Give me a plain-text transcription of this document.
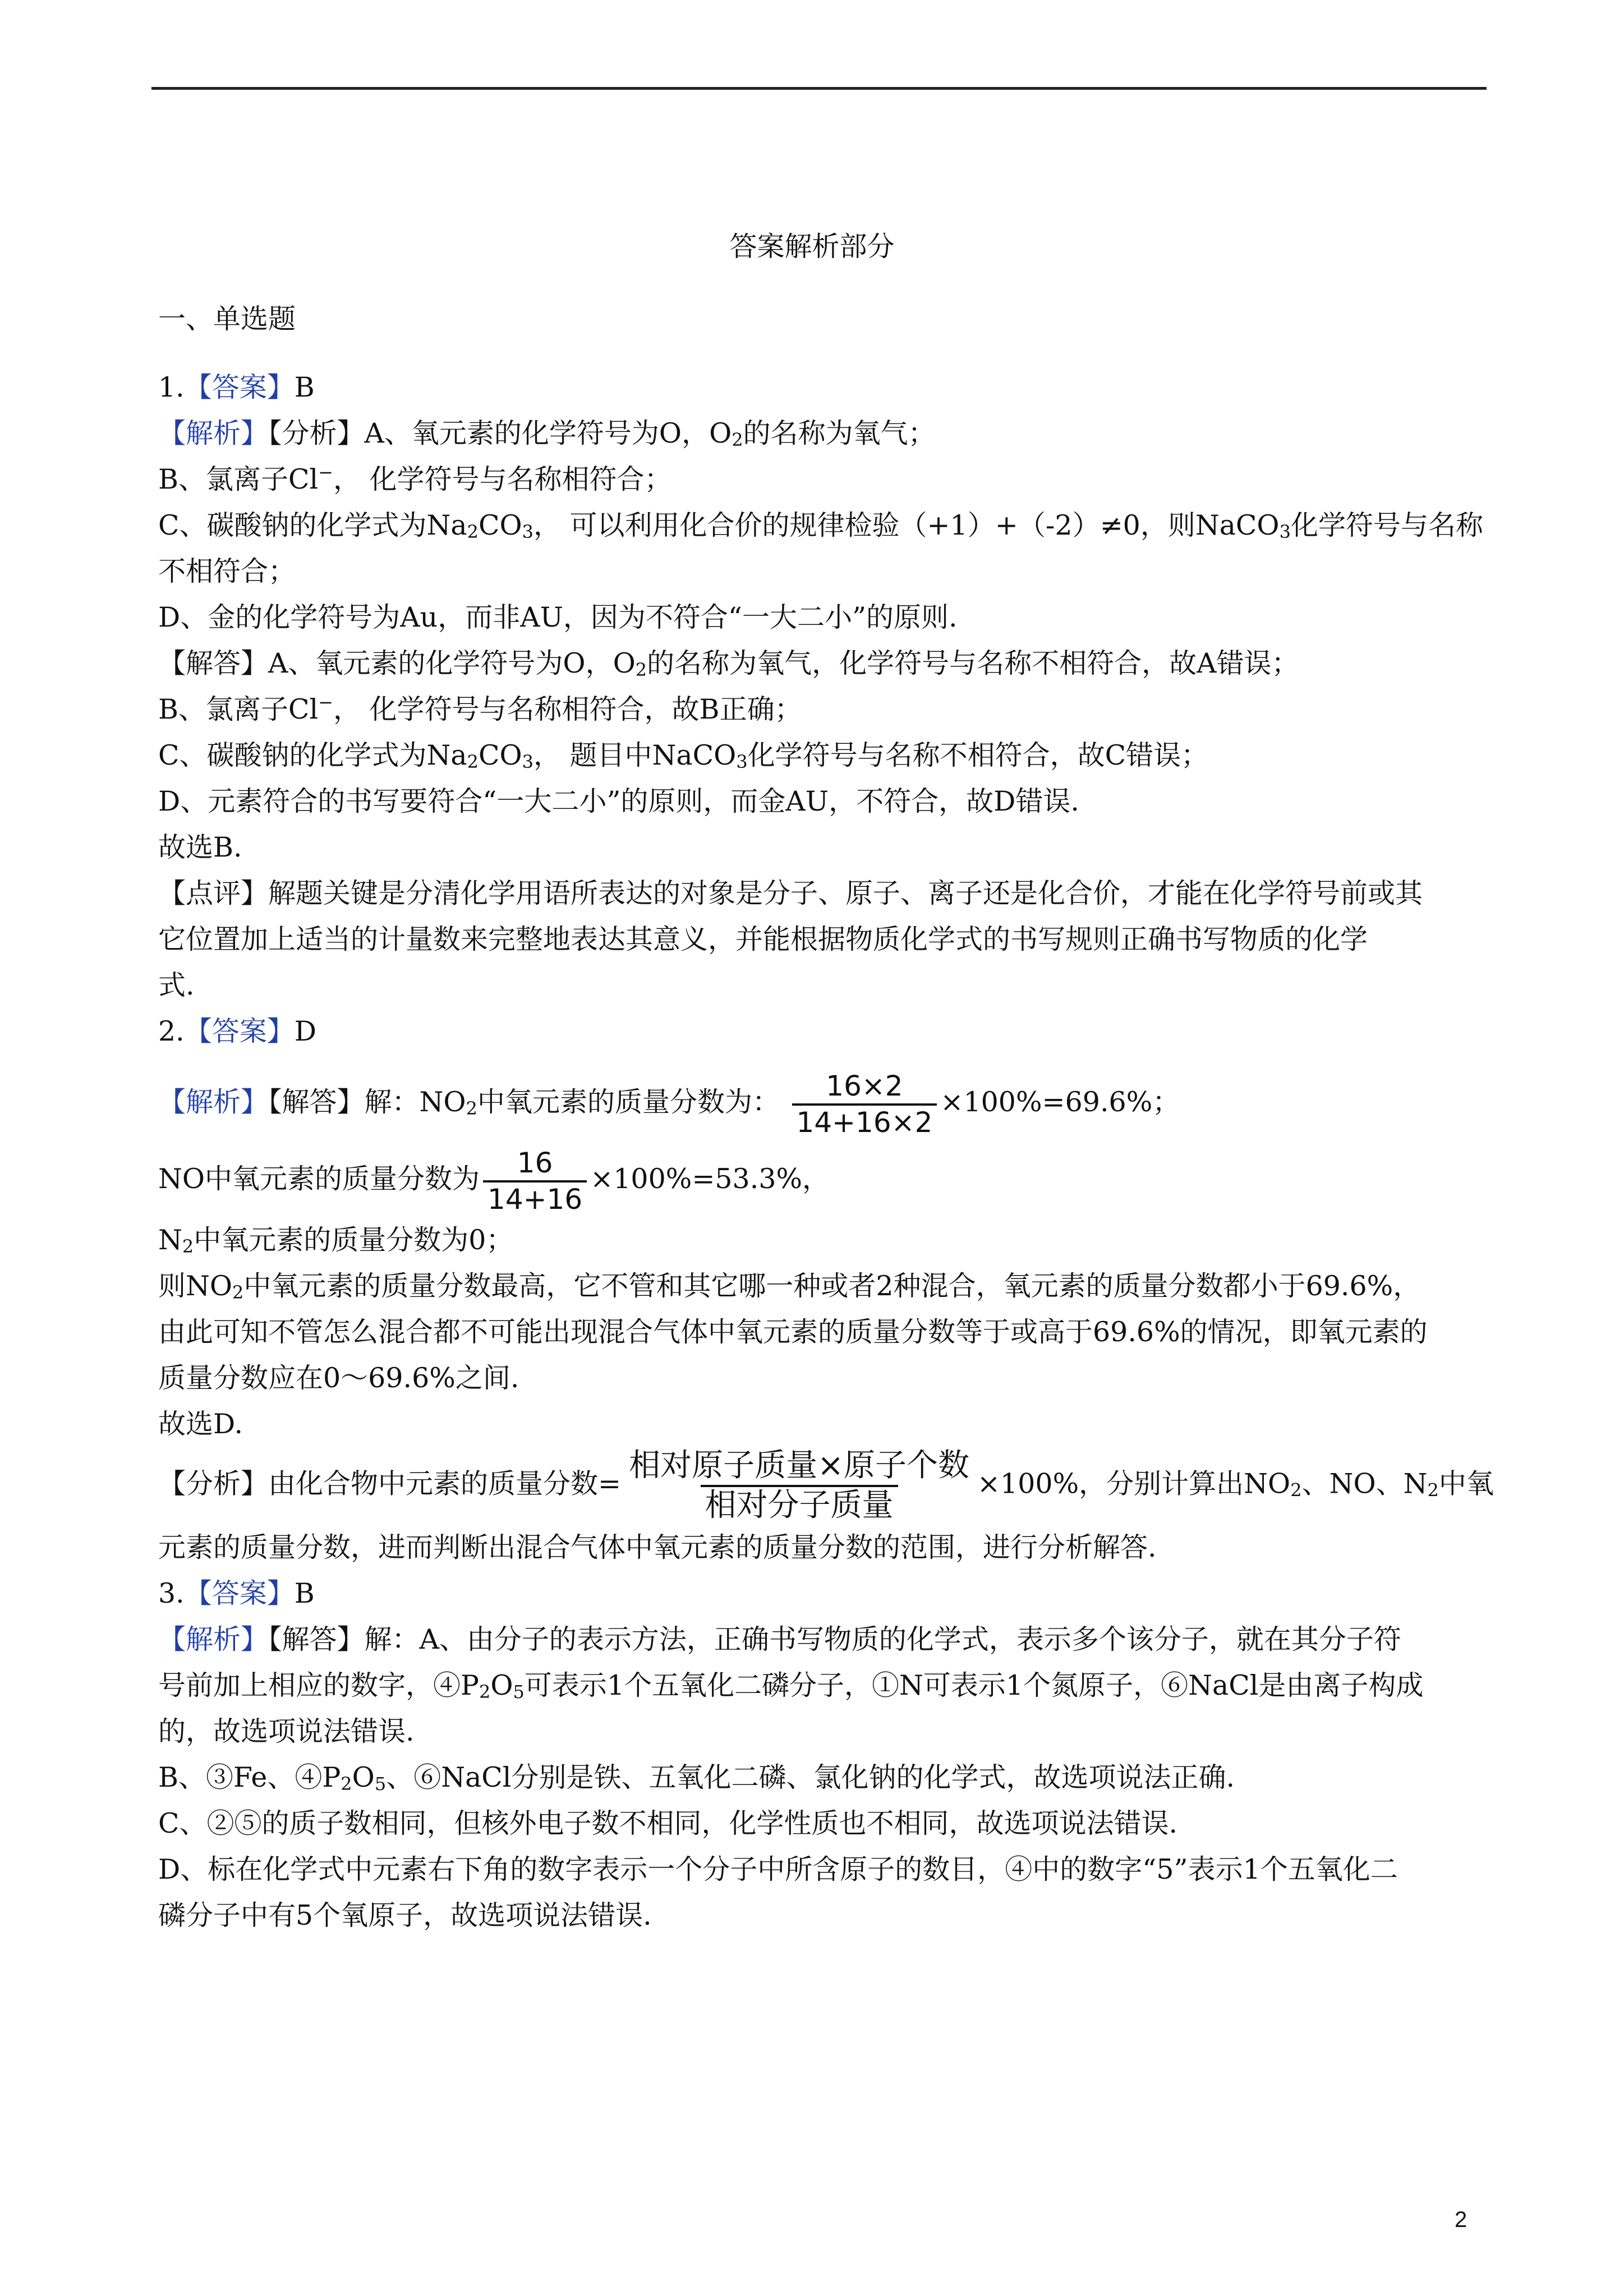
答案解析部分
一、单选题
1.【答案】B
【解析】【分析】A、氧元素的化学符号为O，$O_2$的名称为氧气；
B、氯离子Cl−， 化学符号与名称相符合；
C、碳酸钠的化学式为$Na_2CO_3$， 可以利用化合价的规律检验（+1）+（-2）≠0，则NaCO$_3$化学符号与名称
不相符合；
D、金的化学符号为Au，而非AU，因为不符合“一大二小”的原则.
【解答】A、氧元素的化学符号为O，$O_2$的名称为氧气，化学符号与名称不相符合，故A错误；
B、氯离子Cl−， 化学符号与名称相符合，故B正确；
C、碳酸钠的化学式为$Na_2CO_3$， 题目中NaCO$_3$化学符号与名称不相符合，故C错误；
D、元素符合的书写要符合“一大二小”的原则，而金AU，不符合，故D错误.
故选B.
【点评】解题关键是分清化学用语所表达的对象是分子、原子、离子还是化合价，才能在化学符号前或其
它位置加上适当的计量数来完整地表达其意义，并能根据物质化学式的书写规则正确书写物质的化学
式.
2.【答案】D
【解析】【解答】解：$NO_2$中氧元素的质量分数为： $\frac{16\times 2}{14+16\times 2} \times 100\%=69.6\%$；
NO中氧元素的质量分数为 $\frac{16}{14+16} \times 100\%=53.3\%$，
$N_2$中氧元素的质量分数为0；
则$NO_2$中氧元素的质量分数最高，它不管和其它哪一种或者2种混合，氧元素的质量分数都小于69.6%，
由此可知不管怎么混合都不可能出现混合气体中氧元素的质量分数等于或高于69.6%的情况，即氧元素的
质量分数应在0～69.6%之间.
故选D.
【分析】由化合物中元素的质量分数= $\frac{\text{相对原子质量×原子个数}}{\text{相对分子质量}} \times 100\%$，分别计算出$NO_2$、NO、$N_2$中氧
元素的质量分数，进而判断出混合气体中氧元素的质量分数的范围，进行分析解答.
3.【答案】B
【解析】【解答】解：A、由分子的表示方法，正确书写物质的化学式，表示多个该分子，就在其分子符
号前加上相应的数字，$④P_2O_5$可表示1个五氧化二磷分子，①N可表示1个氮原子，⑥NaCl是由离子构成
的，故选项说法错误.
B、③Fe、$④P_2O_5$、⑥NaCl分别是铁、五氧化二磷、氯化钠的化学式，故选项说法正确.
C、②⑤的质子数相同，但核外电子数不相同，化学性质也不相同，故选项说法错误.
D、标在化学式中元素右下角的数字表示一个分子中所含原子的数目，④中的数字“5”表示1个五氧化二
磷分子中有5个氧原子，故选项说法错误.
2
